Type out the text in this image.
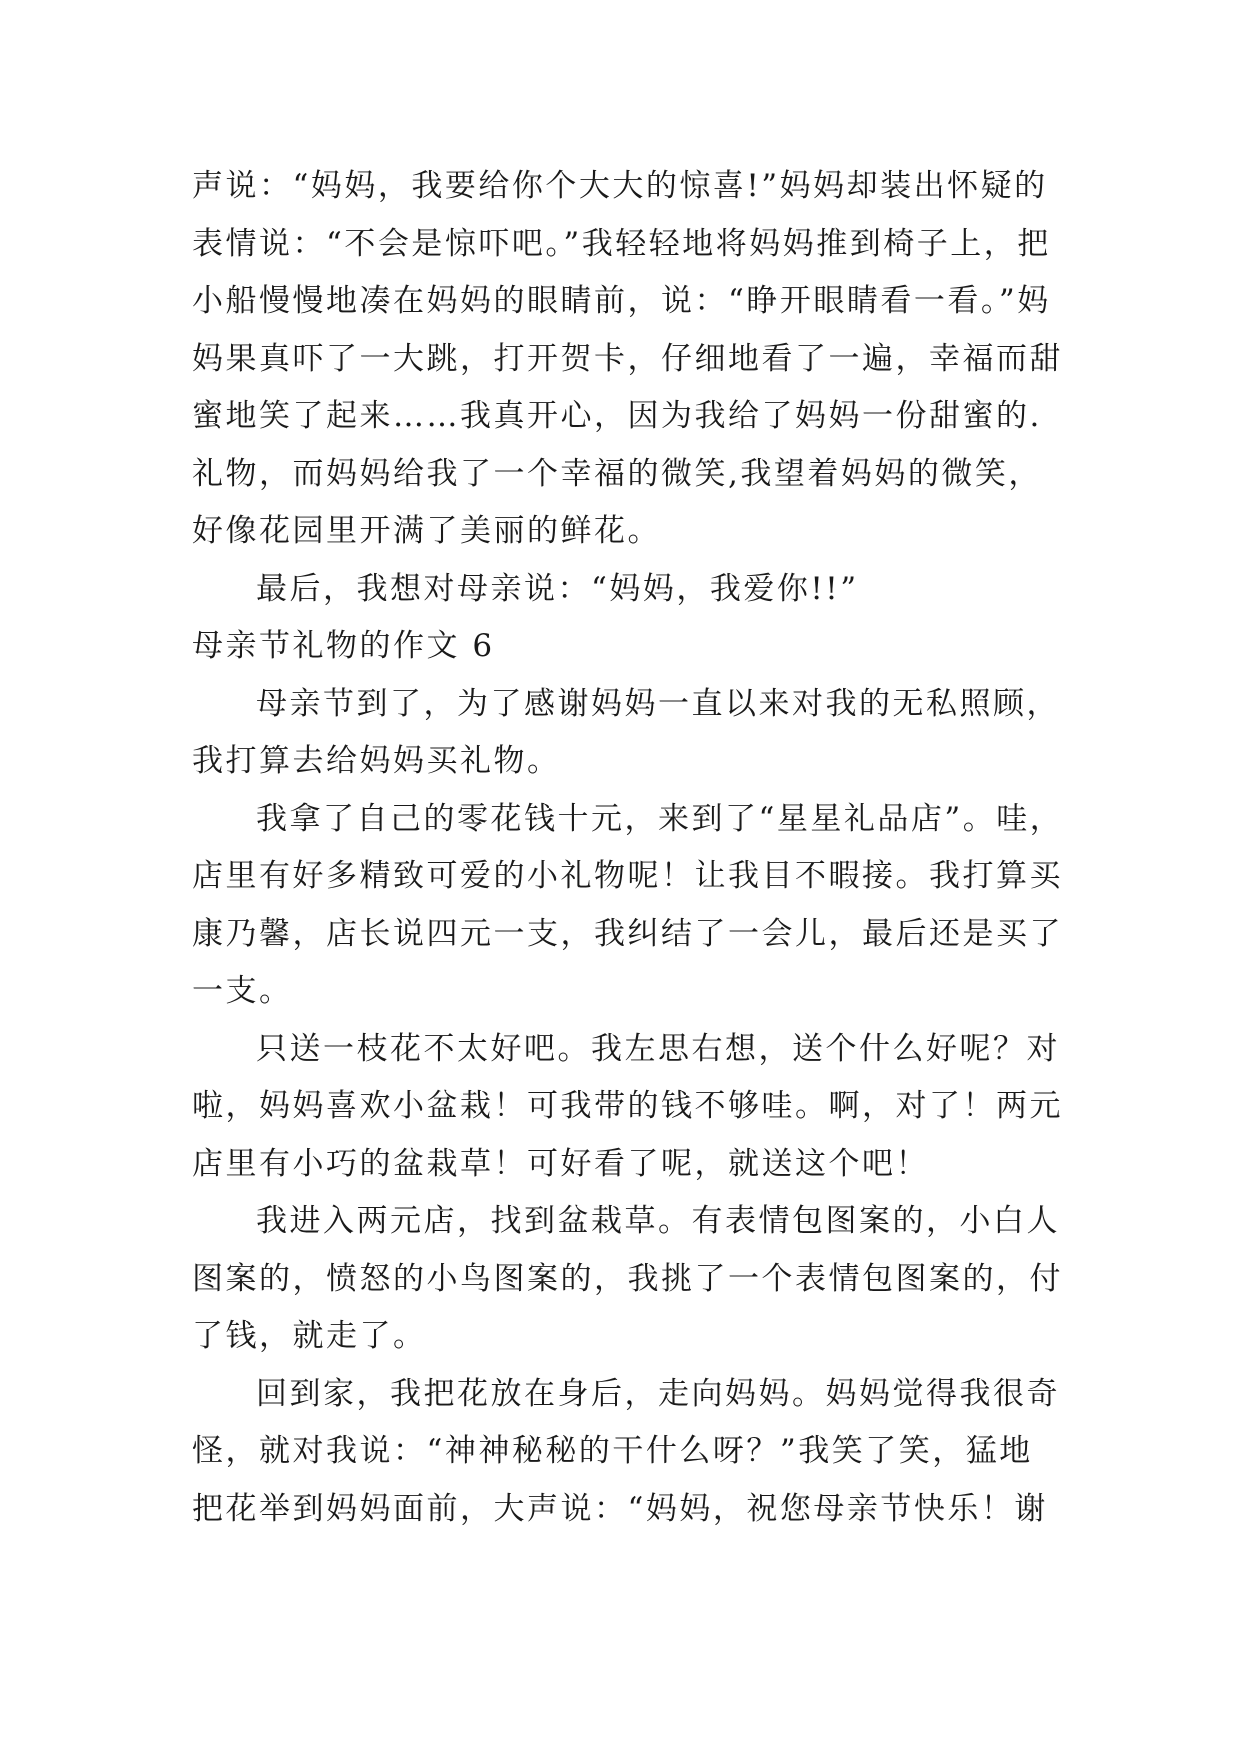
声说：“妈妈，我要给你个大大的惊喜!”妈妈却装出怀疑的
表情说：“不会是惊吓吧。”我轻轻地将妈妈推到椅子上，把
小船慢慢地凑在妈妈的眼睛前，说：“睁开眼睛看一看。”妈
妈果真吓了一大跳，打开贺卡，仔细地看了一遍，幸福而甜
蜜地笑了起来……我真开心，因为我给了妈妈一份甜蜜的.
礼物，而妈妈给我了一个幸福的微笑,我望着妈妈的微笑，
好像花园里开满了美丽的鲜花。
最后，我想对母亲说：“妈妈，我爱你!!”
母亲节礼物的作文 6
母亲节到了，为了感谢妈妈一直以来对我的无私照顾，
我打算去给妈妈买礼物。
我拿了自己的零花钱十元，来到了“星星礼品店”。哇，
店里有好多精致可爱的小礼物呢！让我目不暇接。我打算买
康乃馨，店长说四元一支，我纠结了一会儿，最后还是买了
一支。
只送一枝花不太好吧。我左思右想，送个什么好呢？对
啦，妈妈喜欢小盆栽！可我带的钱不够哇。啊，对了！两元
店里有小巧的盆栽草！可好看了呢，就送这个吧！
我进入两元店，找到盆栽草。有表情包图案的，小白人
图案的，愤怒的小鸟图案的，我挑了一个表情包图案的，付
了钱，就走了。
回到家，我把花放在身后，走向妈妈。妈妈觉得我很奇
怪，就对我说：“神神秘秘的干什么呀？”我笑了笑，猛地
把花举到妈妈面前，大声说：“妈妈，祝您母亲节快乐！谢
